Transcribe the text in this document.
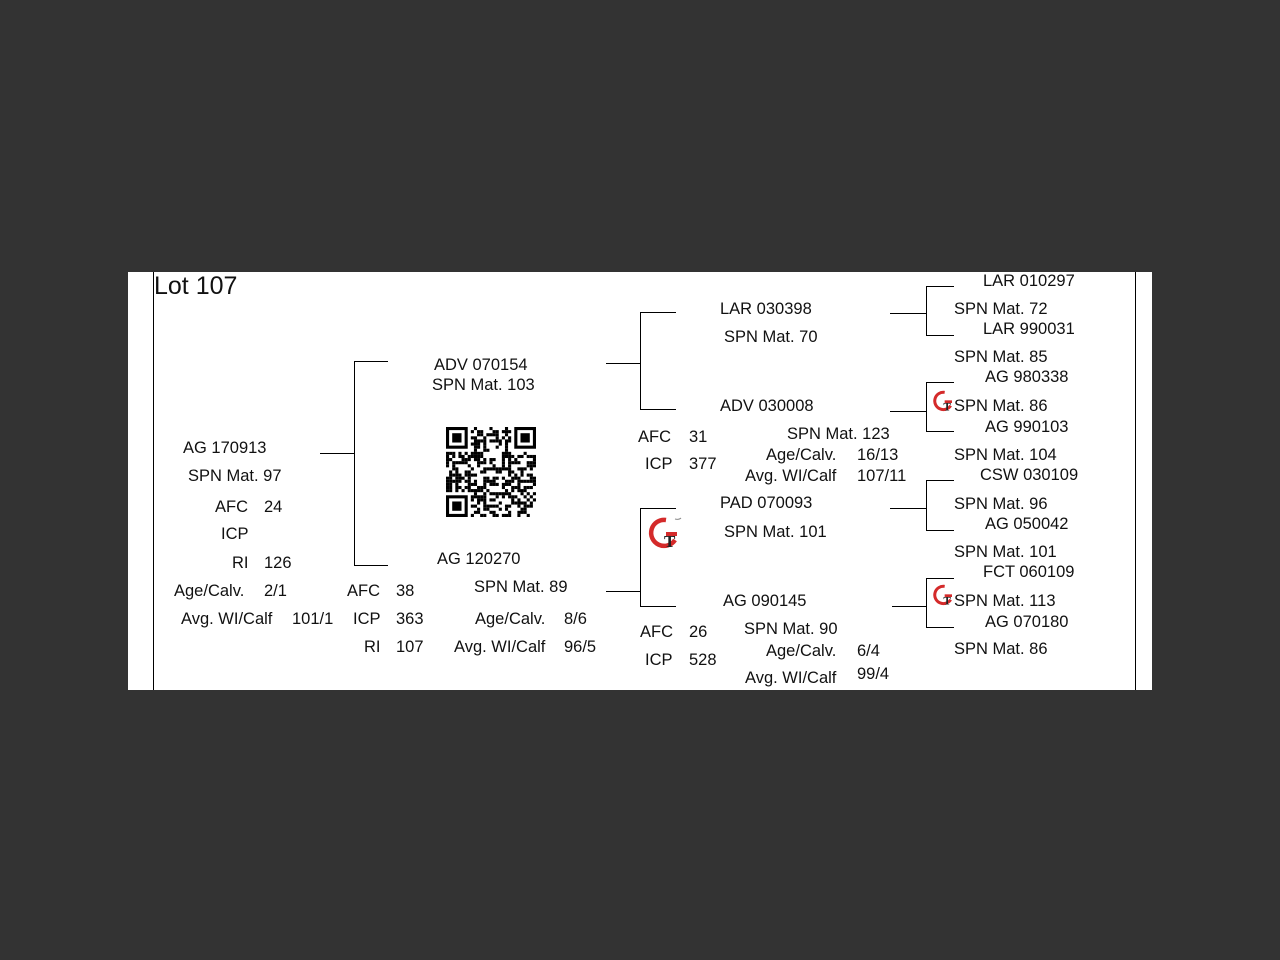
Lot 107
AG 170913
SPN Mat. 97
AFC 24
ICP
RI 126
Age/Calv. 2/1
Avg. WI/Calf 101/1
ADV 070154
SPN Mat. 103
AG 120270
SPN Mat. 89
AFC 38
ICP 363
RI 107
Age/Calv. 8/6
Avg. WI/Calf 96/5
LAR 030398
SPN Mat. 70
ADV 030008
SPN Mat. 123
AFC 31
ICP 377	Age/Calv. 16/13
Avg. WI/Calf 107/11
PAD 070093
SPN Mat. 101
AG 090145
SPN Mat. 90
AFC 26
ICP 528	Age/Calv. 6/4
Avg. WI/Calf 99/4
LAR 010297
SPN Mat. 72
LAR 990031
SPN Mat. 85
AG 980338
SPN Mat. 86
AG 990103
SPN Mat. 104
CSW 030109
SPN Mat. 96
AG 050042
SPN Mat. 101
FCT 060109
SPN Mat. 113
AG 070180
SPN Mat. 86
T
T
T
